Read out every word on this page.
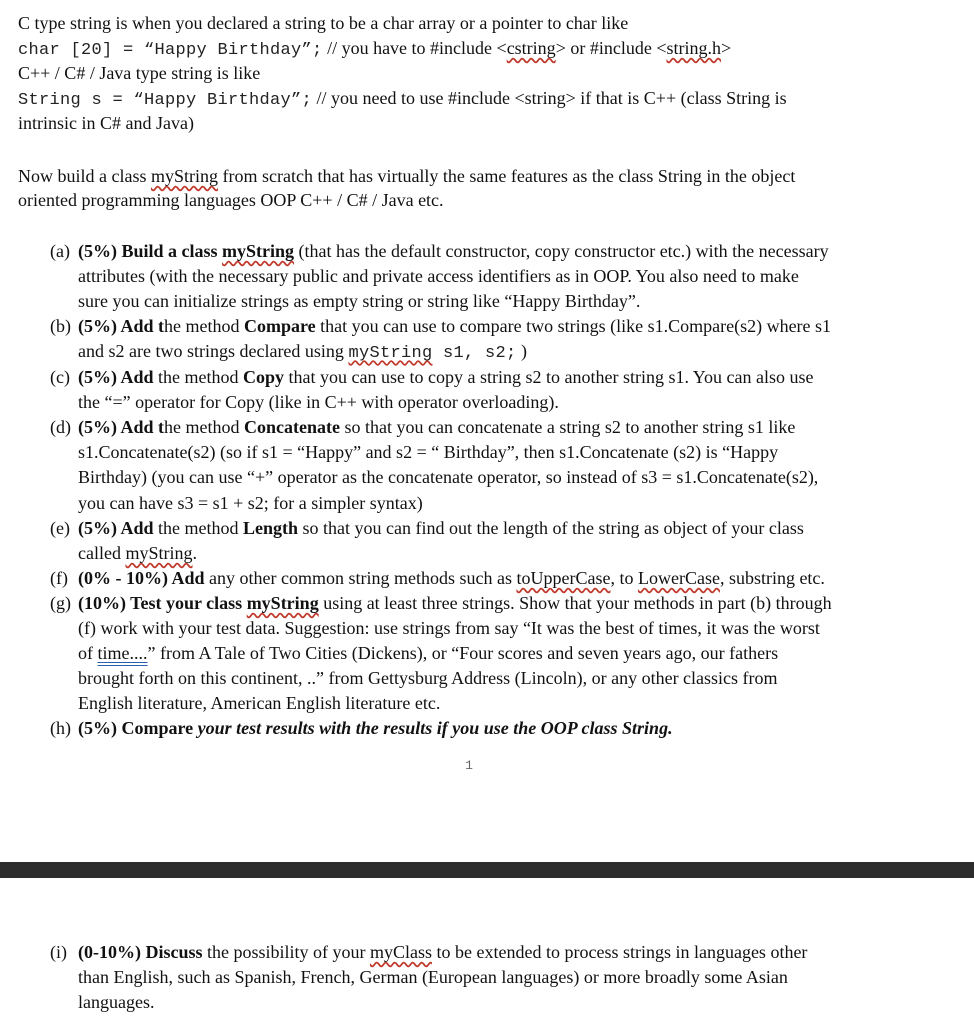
C type string is when you declared a string to be a char array or a pointer to char like
char [20] = “Happy Birthday”; // you have to #include <cstring> or #include <string.h>
C++ / C# / Java type string is like
String s = “Happy Birthday”; // you need to use #include <string> if that is C++ (class String is
intrinsic in C# and Java)
Now build a class myString from scratch that has virtually the same features as the class String in the object
oriented programming languages OOP C++ / C# / Java etc.
(a) (5%) Build a class myString (that has the default constructor, copy constructor etc.) with the necessary
attributes (with the necessary public and private access identifiers as in OOP. You also need to make
sure you can initialize strings as empty string or string like “Happy Birthday”.
(b) (5%) Add the method Compare that you can use to compare two strings (like s1.Compare(s2) where s1
and s2 are two strings declared using myString s1, s2; )
(c) (5%) Add the method Copy that you can use to copy a string s2 to another string s1. You can also use
the “=” operator for Copy (like in C++ with operator overloading).
(d) (5%) Add the method Concatenate so that you can concatenate a string s2 to another string s1 like
s1.Concatenate(s2) (so if s1 = “Happy” and s2 = “ Birthday”, then s1.Concatenate (s2) is “Happy
Birthday) (you can use “+” operator as the concatenate operator, so instead of s3 = s1.Concatenate(s2),
you can have s3 = s1 + s2; for a simpler syntax)
(e) (5%) Add the method Length so that you can find out the length of the string as object of your class
called myString.
(f) (0% - 10%) Add any other common string methods such as toUpperCase, to LowerCase, substring etc.
(g) (10%) Test your class myString using at least three strings. Show that your methods in part (b) through
(f) work with your test data. Suggestion: use strings from say “It was the best of times, it was the worst
of time....” from A Tale of Two Cities (Dickens), or “Four scores and seven years ago, our fathers
brought forth on this continent, ..” from Gettysburg Address (Lincoln), or any other classics from
English literature, American English literature etc.
(h) (5%) Compare your test results with the results if you use the OOP class String.
1
(i) (0-10%) Discuss the possibility of your myClass to be extended to process strings in languages other
than English, such as Spanish, French, German (European languages) or more broadly some Asian
languages.
